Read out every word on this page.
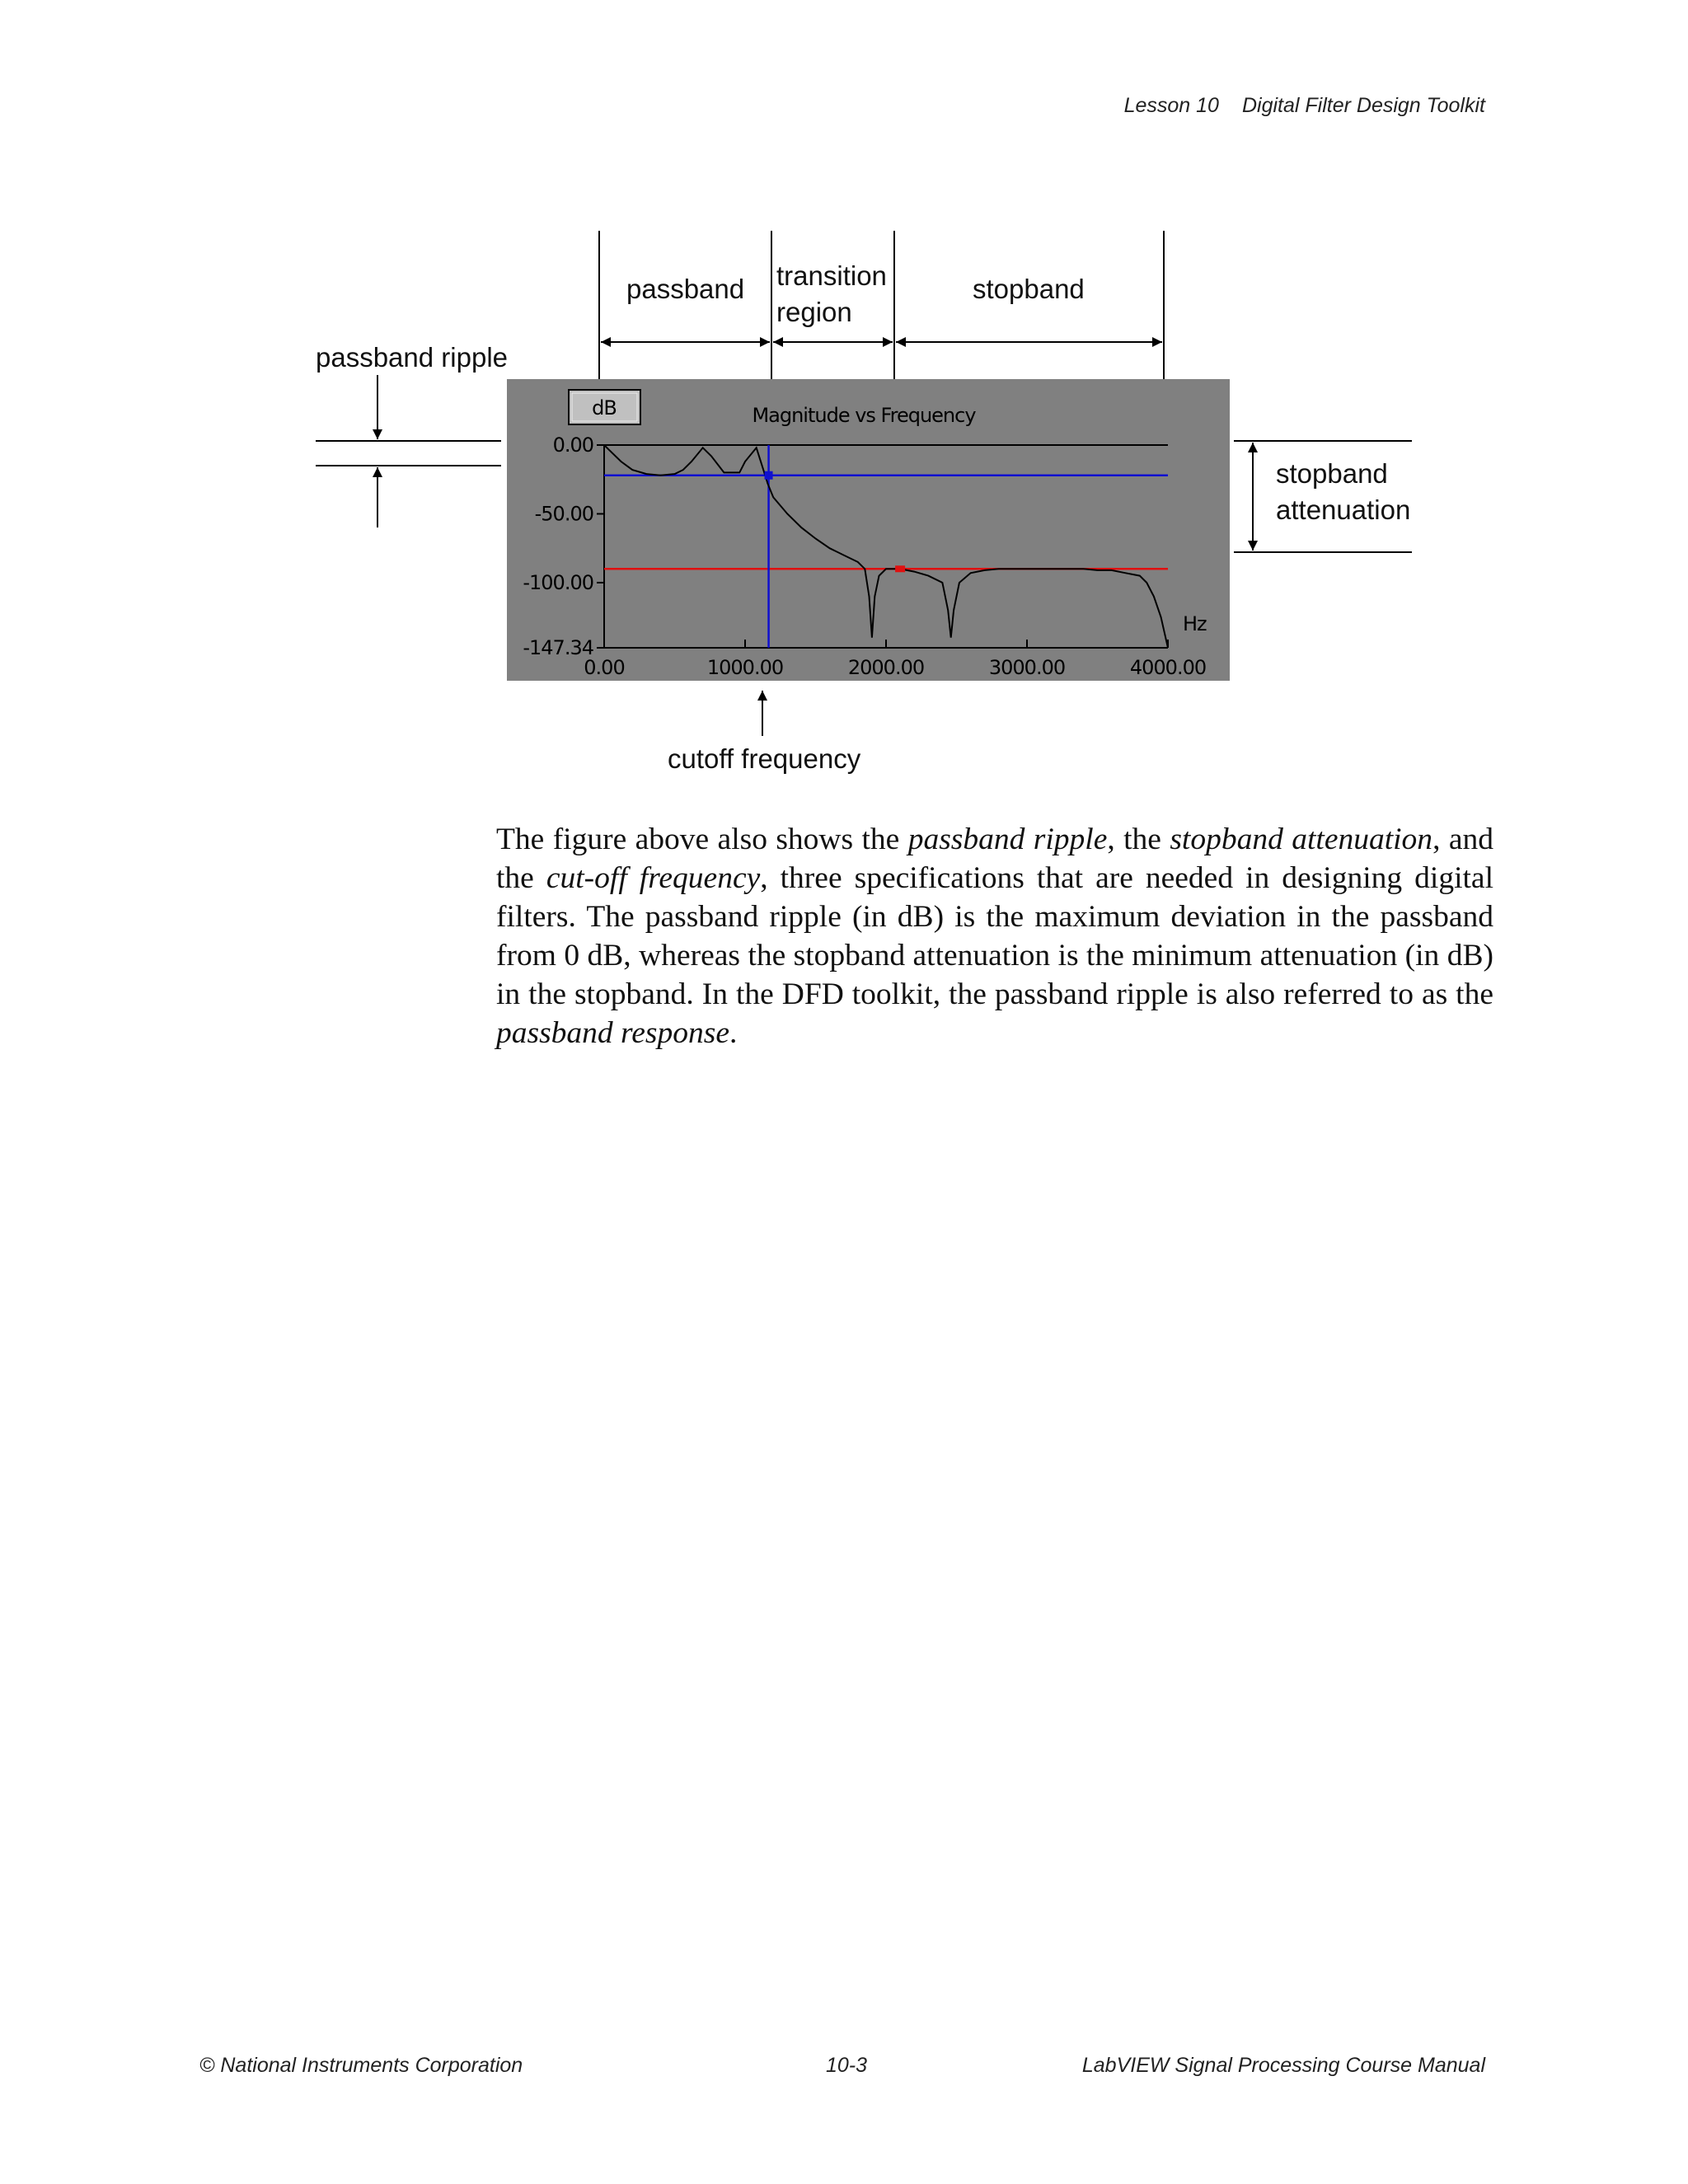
Lesson 10 Digital Filter Design Toolkit
passband transition
region
stopband
passband ripple
stopband
attenuation
dB	Magnitude vs Frequency
0.00
-50.00
-100.00
-147.34
0.00	1000.00	2000.00	3000.00	4000.00
Hz
cutoff frequency

The figure above also shows the passband ripple, the stopband attenuation, and the cut-off frequency, three specifications that are needed in designing digital filters. The passband ripple (in dB) is the maximum deviation in the passband from 0 dB, whereas the stopband attenuation is the minimum attenuation (in dB) in the stopband. In the DFD toolkit, the passband ripple is also referred to as the passband response.

© National Instruments Corporation	10-3	LabVIEW Signal Processing Course Manual
